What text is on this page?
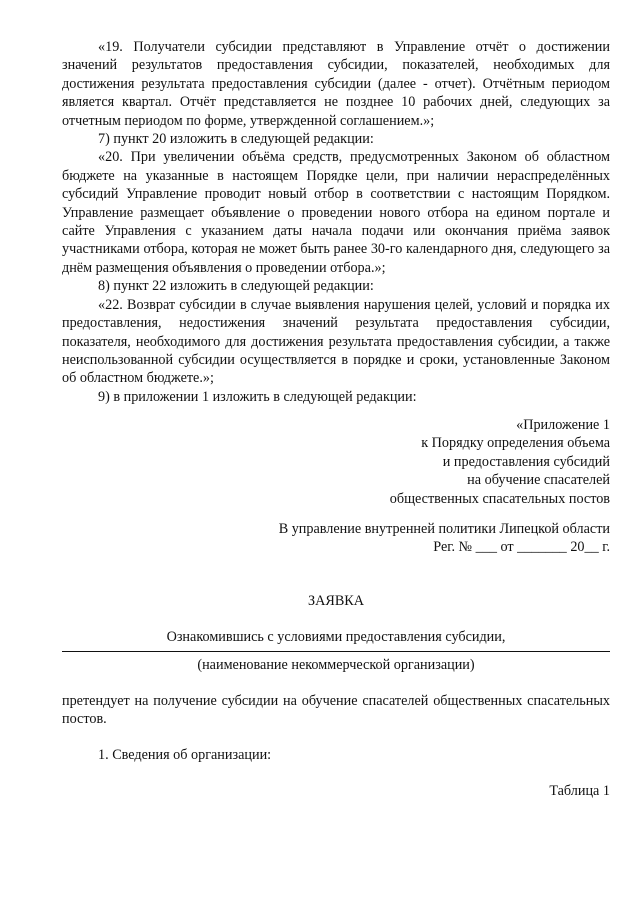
«19. Получатели субсидии представляют в Управление отчёт о достижении значений результатов предоставления субсидии, показателей, необходимых для достижения результата предоставления субсидии (далее - отчет). Отчётным периодом является квартал. Отчёт представляется не позднее 10 рабочих дней, следующих за отчетным периодом по форме, утвержденной соглашением.»;

7) пункт 20 изложить в следующей редакции:

«20. При увеличении объёма средств, предусмотренных Законом об областном бюджете на указанные в настоящем Порядке цели, при наличии нераспределённых субсидий Управление проводит новый отбор в соответствии с настоящим Порядком. Управление размещает объявление о проведении нового отбора на едином портале и сайте Управления с указанием даты начала подачи или окончания приёма заявок участниками отбора, которая не может быть ранее 30-го календарного дня, следующего за днём размещения объявления о проведении отбора.»;

8) пункт 22 изложить в следующей редакции:

«22. Возврат субсидии в случае выявления нарушения целей, условий и порядка их предоставления, недостижения значений результата предоставления субсидии, показателя, необходимого для достижения результата предоставления субсидии, а также неиспользованной субсидии осуществляется в порядке и сроки, установленные Законом об областном бюджете.»;

9) в приложении 1 изложить в следующей редакции:

«Приложение 1
к Порядку определения объема
и предоставления субсидий
на обучение спасателей
общественных спасательных постов
В управление внутренней политики Липецкой области
Рег. № ___ от _______ 20__ г.
ЗАЯВКА
Ознакомившись с условиями предоставления субсидии,
(наименование некоммерческой организации)

претендует на получение субсидии на обучение спасателей общественных спасательных постов.

1. Сведения об организации:
Таблица 1
